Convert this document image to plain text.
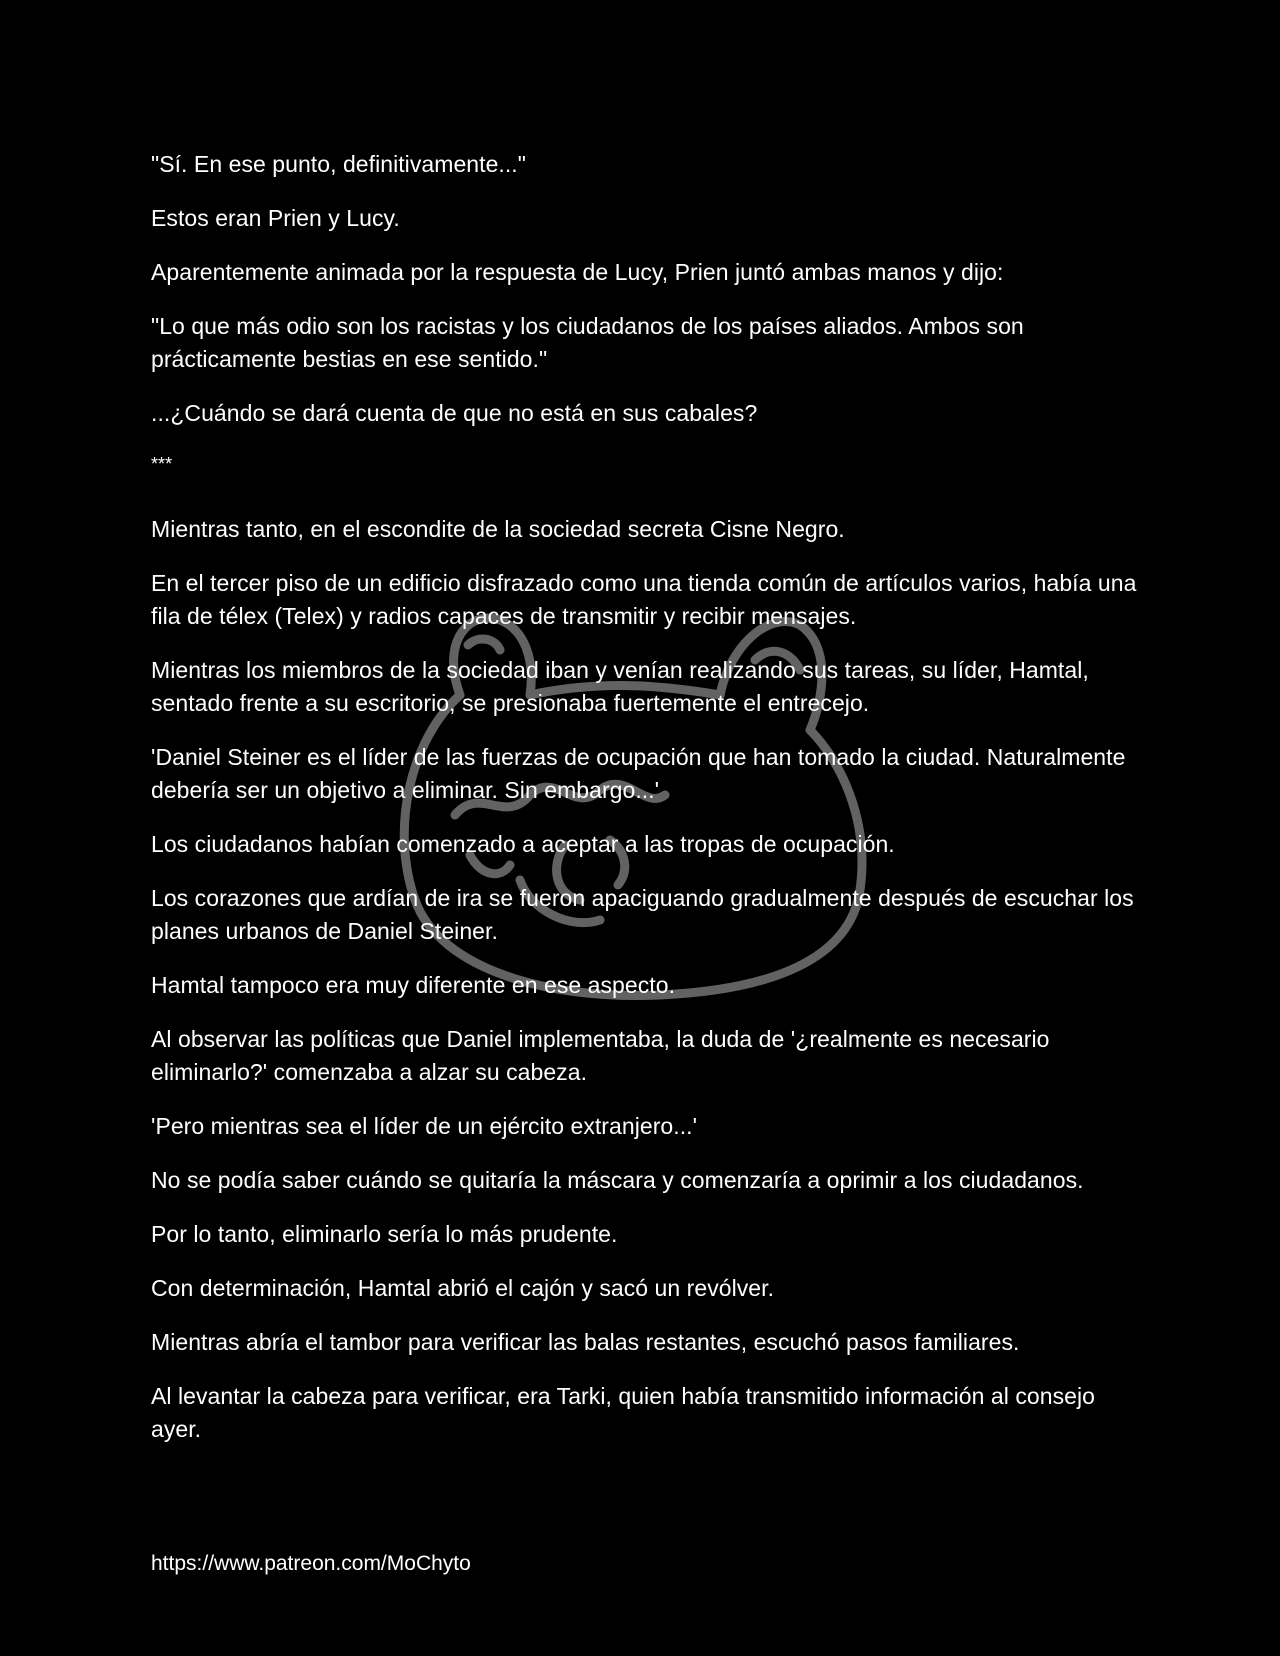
"Sí. En ese punto, definitivamente..."

Estos eran Prien y Lucy.

Aparentemente animada por la respuesta de Lucy, Prien juntó ambas manos y dijo:

"Lo que más odio son los racistas y los ciudadanos de los países aliados. Ambos son prácticamente bestias en ese sentido."

...¿Cuándo se dará cuenta de que no está en sus cabales?

***

Mientras tanto, en el escondite de la sociedad secreta Cisne Negro.

En el tercer piso de un edificio disfrazado como una tienda común de artículos varios, había una fila de télex (Telex) y radios capaces de transmitir y recibir mensajes.

Mientras los miembros de la sociedad iban y venían realizando sus tareas, su líder, Hamtal, sentado frente a su escritorio, se presionaba fuertemente el entrecejo.

'Daniel Steiner es el líder de las fuerzas de ocupación que han tomado la ciudad. Naturalmente debería ser un objetivo a eliminar. Sin embargo...'

Los ciudadanos habían comenzado a aceptar a las tropas de ocupación.

Los corazones que ardían de ira se fueron apaciguando gradualmente después de escuchar los planes urbanos de Daniel Steiner.

Hamtal tampoco era muy diferente en ese aspecto.

Al observar las políticas que Daniel implementaba, la duda de '¿realmente es necesario eliminarlo?' comenzaba a alzar su cabeza.

'Pero mientras sea el líder de un ejército extranjero...'

No se podía saber cuándo se quitaría la máscara y comenzaría a oprimir a los ciudadanos.

Por lo tanto, eliminarlo sería lo más prudente.

Con determinación, Hamtal abrió el cajón y sacó un revólver.

Mientras abría el tambor para verificar las balas restantes, escuchó pasos familiares.

Al levantar la cabeza para verificar, era Tarki, quien había transmitido información al consejo ayer.

https://www.patreon.com/MoChyto
